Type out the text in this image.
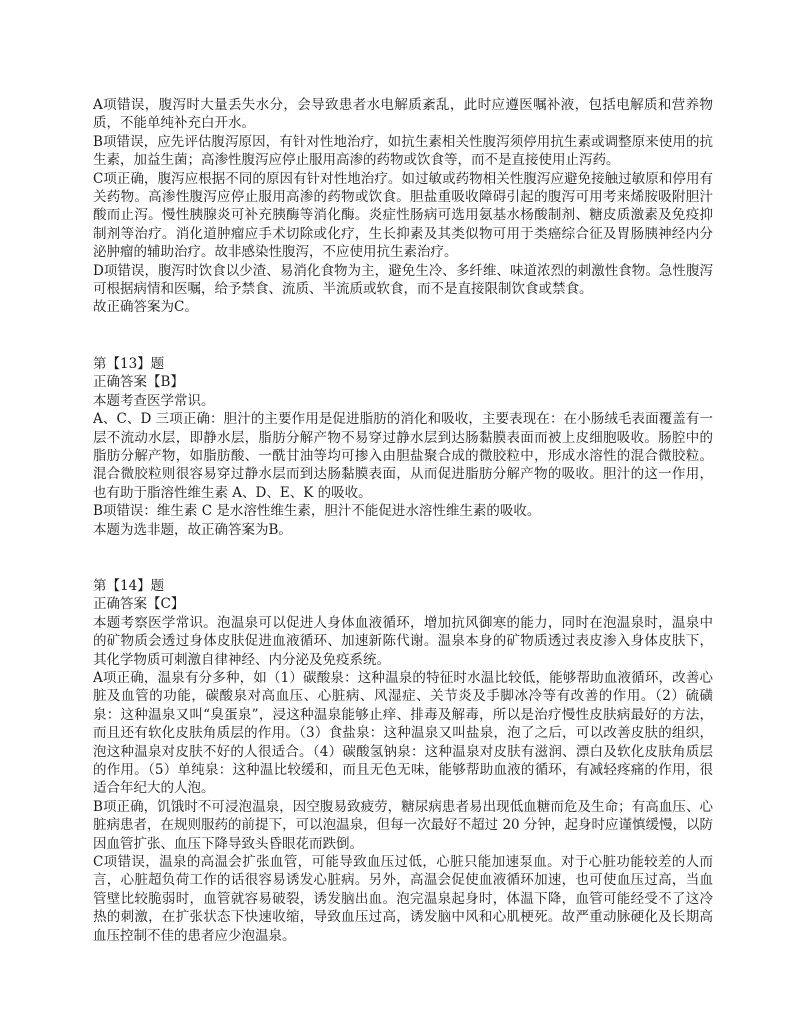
A项错误，腹泻时大量丢失水分，会导致患者水电解质紊乱，此时应遵医嘱补液，包括电解质和营养物质，不能单纯补充白开水。

B项错误，应先评估腹泻原因，有针对性地治疗，如抗生素相关性腹泻须停用抗生素或调整原来使用的抗生素，加益生菌；高渗性腹泻应停止服用高渗的药物或饮食等，而不是直接使用止泻药。

C项正确，腹泻应根据不同的原因有针对性地治疗。如过敏或药物相关性腹泻应避免接触过敏原和停用有关药物。高渗性腹泻应停止服用高渗的药物或饮食。胆盐重吸收障碍引起的腹泻可用考来烯胺吸附胆汁酸而止泻。慢性胰腺炎可补充胰酶等消化酶。炎症性肠病可选用氨基水杨酸制剂、糖皮质激素及免疫抑制剂等治疗。消化道肿瘤应手术切除或化疗，生长抑素及其类似物可用于类癌综合征及胃肠胰神经内分泌肿瘤的辅助治疗。故非感染性腹泻，不应使用抗生素治疗。

D项错误，腹泻时饮食以少渣、易消化食物为主，避免生冷、多纤维、味道浓烈的刺激性食物。急性腹泻可根据病情和医嘱，给予禁食、流质、半流质或软食，而不是直接限制饮食或禁食。

故正确答案为C。

第【13】题

正确答案【B】

本题考查医学常识。

A、C、D 三项正确：胆汁的主要作用是促进脂肪的消化和吸收，主要表现在：在小肠绒毛表面覆盖有一层不流动水层，即静水层，脂肪分解产物不易穿过静水层到达肠黏膜表面而被上皮细胞吸收。肠腔中的脂肪分解产物，如脂肪酸、一酰甘油等均可掺入由胆盐聚合成的微胶粒中，形成水溶性的混合微胶粒。混合微胶粒则很容易穿过静水层而到达肠黏膜表面，从而促进脂肪分解产物的吸收。胆汁的这一作用，也有助于脂溶性维生素 A、D、E、K 的吸收。

B项错误：维生素 C 是水溶性维生素，胆汁不能促进水溶性维生素的吸收。

本题为选非题，故正确答案为B。

第【14】题

正确答案【C】

本题考察医学常识。泡温泉可以促进人身体血液循环，增加抗风御寒的能力，同时在泡温泉时，温泉中的矿物质会透过身体皮肤促进血液循环、加速新陈代谢。温泉本身的矿物质透过表皮渗入身体皮肤下，其化学物质可刺激自律神经、内分泌及免疫系统。

A项正确，温泉有分多种，如（1）碳酸泉：这种温泉的特征时水温比较低，能够帮助血液循环，改善心脏及血管的功能，碳酸泉对高血压、心脏病、风湿症、关节炎及手脚冰冷等有改善的作用。（2）硫磺泉：这种温泉又叫“臭蛋泉”，浸这种温泉能够止痒、排毒及解毒，所以是治疗慢性皮肤病最好的方法，而且还有软化皮肤角质层的作用。（3）食盐泉：这种温泉又叫盐泉，泡了之后，可以改善皮肤的组织，泡这种温泉对皮肤不好的人很适合。（4）碳酸氢钠泉：这种温泉对皮肤有滋润、漂白及软化皮肤角质层的作用。（5）单纯泉：这种温比较缓和，而且无色无味，能够帮助血液的循环，有减轻疼痛的作用，很适合年纪大的人泡。

B项正确，饥饿时不可浸泡温泉，因空腹易致疲劳，糖尿病患者易出现低血糖而危及生命；有高血压、心脏病患者，在规则服药的前提下，可以泡温泉，但每一次最好不超过 20 分钟，起身时应谨慎缓慢，以防因血管扩张、血压下降导致头昏眼花而跌倒。

C项错误，温泉的高温会扩张血管，可能导致血压过低，心脏只能加速泵血。对于心脏功能较差的人而言，心脏超负荷工作的话很容易诱发心脏病。另外，高温会促使血液循环加速，也可使血压过高，当血管壁比较脆弱时，血管就容易破裂，诱发脑出血。泡完温泉起身时，体温下降，血管可能经受不了这冷热的刺激，在扩张状态下快速收缩，导致血压过高，诱发脑中风和心肌梗死。故严重动脉硬化及长期高血压控制不佳的患者应少泡温泉。
